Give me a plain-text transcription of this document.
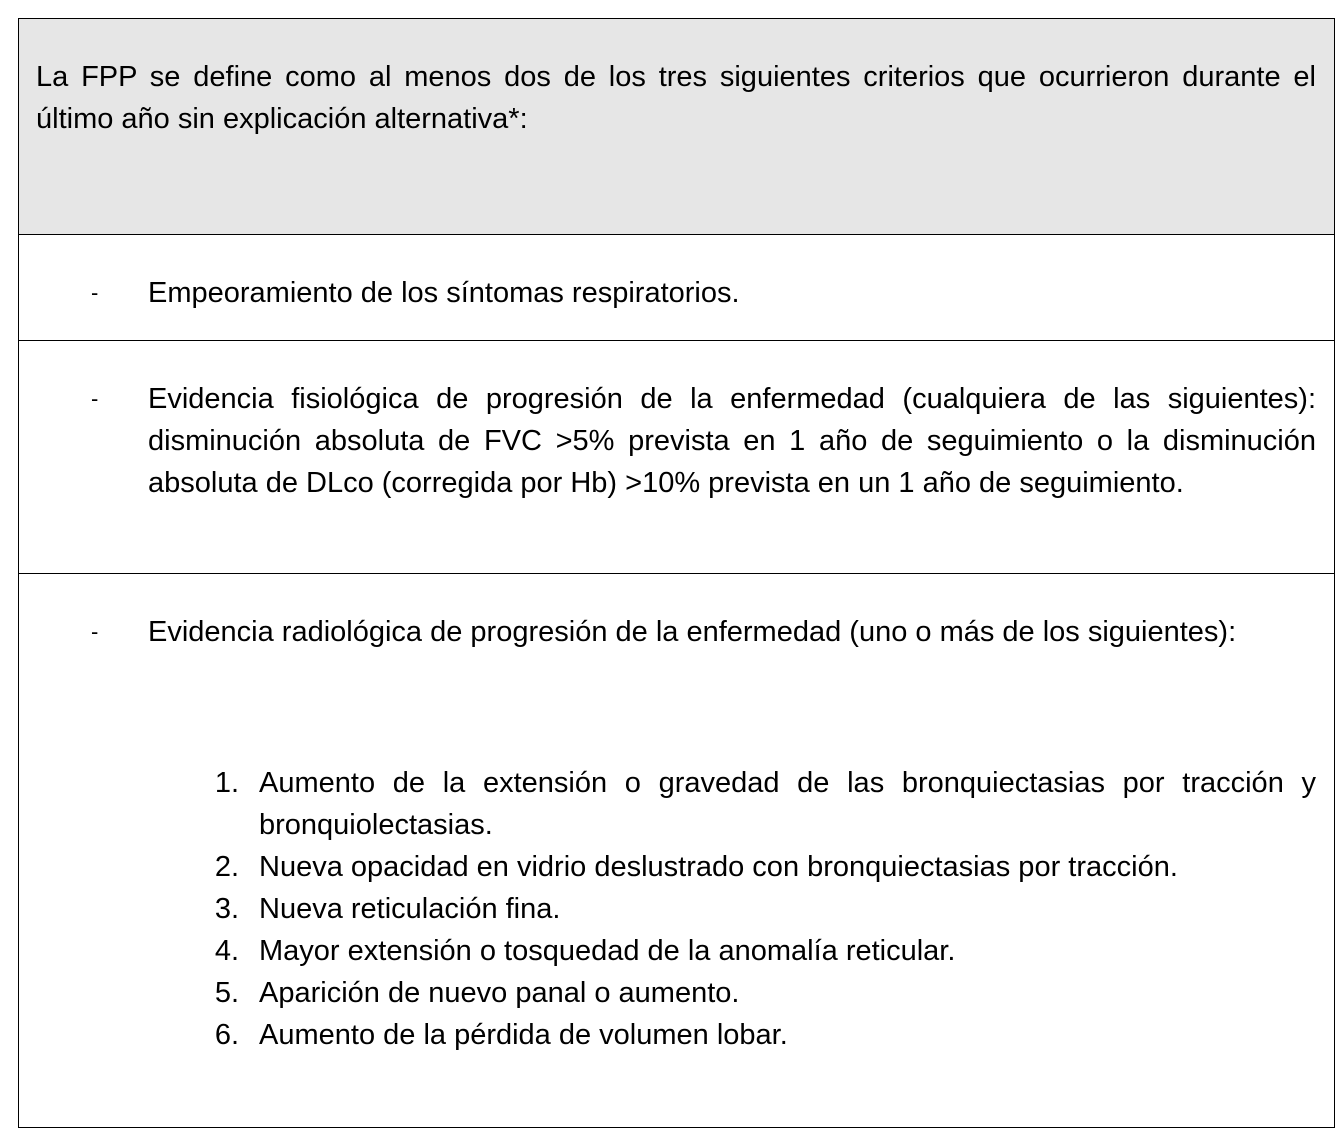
La FPP se define como al menos dos de los tres siguientes criterios que ocurrieron durante el último año sin explicación alternativa*:

-	Empeoramiento de los síntomas respiratorios.

-	Evidencia fisiológica de progresión de la enfermedad (cualquiera de las siguientes): disminución absoluta de FVC >5% prevista en 1 año de seguimiento o la disminución absoluta de DLco (corregida por Hb) >10% prevista en un 1 año de seguimiento.

-	Evidencia radiológica de progresión de la enfermedad (uno o más de los siguientes):

1. Aumento de la extensión o gravedad de las bronquiectasias por tracción y bronquiolectasias.
2. Nueva opacidad en vidrio deslustrado con bronquiectasias por tracción.
3. Nueva reticulación fina.
4. Mayor extensión o tosquedad de la anomalía reticular.
5. Aparición de nuevo panal o aumento.
6. Aumento de la pérdida de volumen lobar.
